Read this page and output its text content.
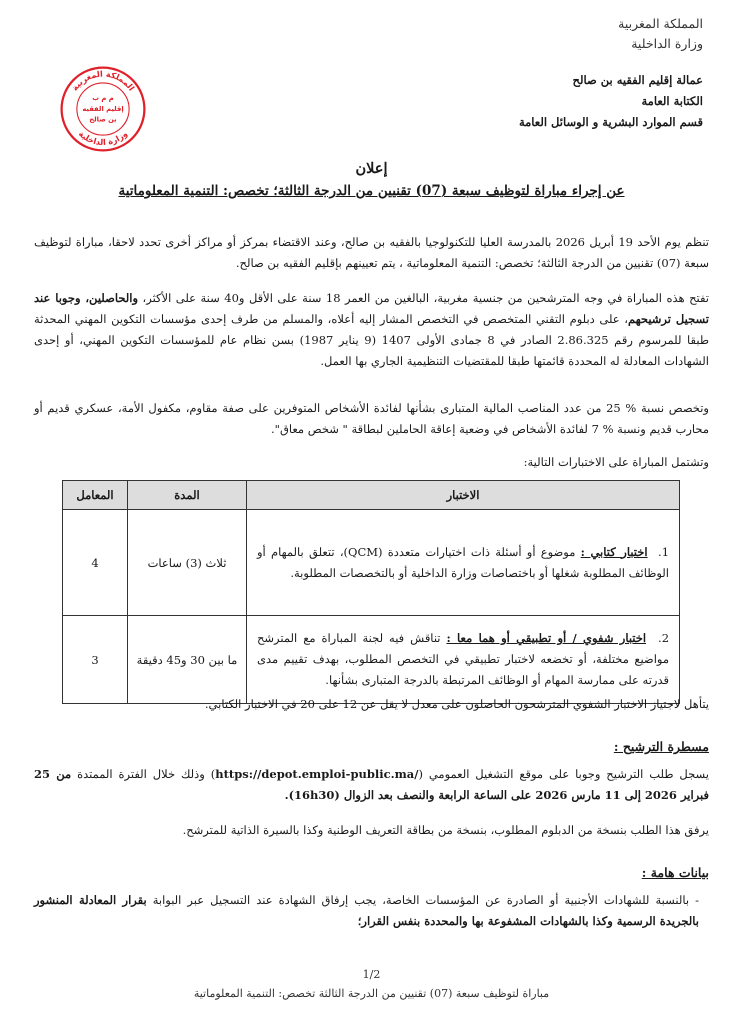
المملكة المغربية
وزارة الداخلية
عمالة إقليم الفقيه بن صالح
الكتابة العامة
قسم الموارد البشرية و الوسائل العامة
المملكة المغربية
وزارة الداخلية
م م ب
إقليم الفقيه
بن صالح
إعلان
عن إجراء مباراة لتوظيف سبعة (07) تقنيين من الدرجة الثالثة؛ تخصص: التنمية المعلوماتية
تنظم يوم الأحد 19 أبريل 2026 بالمدرسة العليا للتكنولوجيا بالفقيه بن صالح، وعند الاقتضاء بمركز أو مراكز أخرى تحدد لاحقا، مباراة لتوظيف سبعة (07) تقنيين من الدرجة الثالثة؛ تخصص: التنمية المعلوماتية ، يتم تعيينهم بإقليم الفقيه بن صالح.
تفتح هذه المباراة في وجه المترشحين من جنسية مغربية، البالغين من العمر 18 سنة على الأقل و40 سنة على الأكثر، والحاصلين، وجوبا عند تسجيل ترشيحهم، على دبلوم التقني المتخصص في التخصص المشار إليه أعلاه، والمسلم من طرف إحدى مؤسسات التكوين المهني المحدثة طبقا للمرسوم رقم 2.86.325 الصادر في 8 جمادى الأولى 1407 (9 يناير 1987) بسن نظام عام للمؤسسات التكوين المهني، أو إحدى الشهادات المعادلة له المحددة قائمتها طبقا للمقتضيات التنظيمية الجاري بها العمل.
وتخصص نسبة % 25 من عدد المناصب المالية المتبارى بشأنها لفائدة الأشخاص المتوفرين على صفة مقاوم، مكفول الأمة، عسكري قديم أو محارب قديم ونسبة % 7 لفائدة الأشخاص في وضعية إعاقة الحاملين لبطاقة " شخص معاق".
وتشتمل المباراة على الاختبارات التالية:
الاختبار	المدة	المعامل
1.  اختبار كتابي : موضوع أو أسئلة ذات اختيارات متعددة (QCM)، تتعلق بالمهام أو الوظائف المطلوبة شغلها أو باختصاصات وزارة الداخلية أو بالتخصصات المطلوبة.	ثلاث (3) ساعات	4
2.  اختبار شفوي / أو تطبيقي أو هما معا : تناقش فيه لجنة المباراة مع المترشح مواضيع مختلفة، أو تخضعه لاختبار تطبيقي في التخصص المطلوب، بهدف تقييم مدى قدرته على ممارسة المهام أو الوظائف المرتبطة بالدرجة المتبارى بشأنها.	ما بين 30 و45 دقيقة	3
يتأهل لاجتياز الاختبار الشفوي المترشحون الحاصلون على معدل لا يقل عن 12 على 20 في الاختبار الكتابي.
مسطرة الترشيح :
يسجل طلب الترشيح وجوبا على موقع التشغيل العمومي (https://depot.emploi-public.ma/) وذلك خلال الفترة الممتدة من 25 فبراير 2026 إلى 11 مارس 2026 على الساعة الرابعة والنصف بعد الزوال (16h30).
يرفق هذا الطلب بنسخة من الدبلوم المطلوب، بنسخة من بطاقة التعريف الوطنية وكذا بالسيرة الذاتية للمترشح.
بيانات هامة :
- بالنسبة للشهادات الأجنبية أو الصادرة عن المؤسسات الخاصة، يجب إرفاق الشهادة عند التسجيل عبر البوابة بقرار المعادلة المنشور بالجريدة الرسمية وكذا بالشهادات المشفوعة بها والمحددة بنفس القرار؛
1/2
مباراة لتوظيف سبعة (07) تقنيين من الدرجة الثالثة تخصص: التنمية المعلوماتية
